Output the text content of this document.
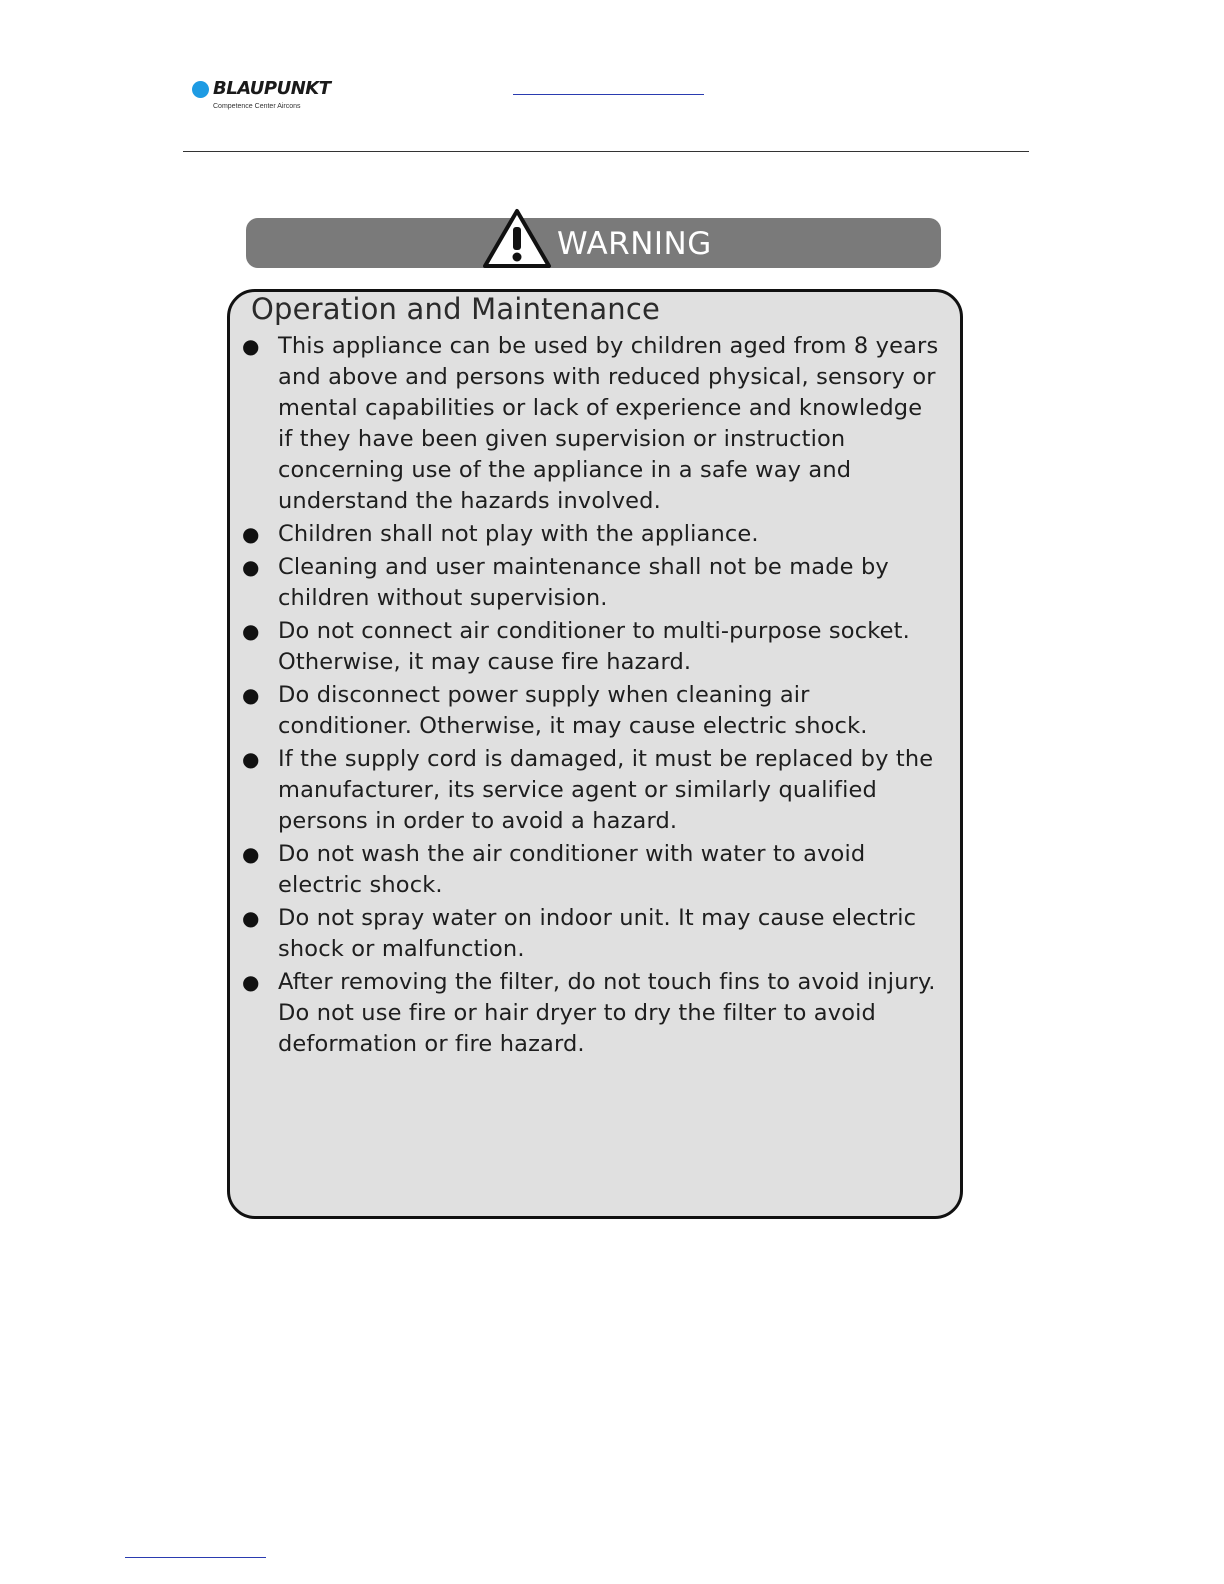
BLAUPUNKT
Competence Center Aircons
WARNING
Operation and Maintenance
● This appliance can be used by children aged from 8 years and above and persons with reduced physical, sensory or mental capabilities or lack of experience and knowledge if they have been given supervision or instruction concerning use of the appliance in a safe way and understand the hazards involved.
● Children shall not play with the appliance.
● Cleaning and user maintenance shall not be made by children without supervision.
● Do not connect air conditioner to multi-purpose socket. Otherwise, it may cause fire hazard.
● Do disconnect power supply when cleaning air conditioner. Otherwise, it may cause electric shock.
● If the supply cord is damaged, it must be replaced by the manufacturer, its service agent or similarly qualified persons in order to avoid a hazard.
● Do not wash the air conditioner with water to avoid electric shock.
● Do not spray water on indoor unit. It may cause electric shock or malfunction.
● After removing the filter, do not touch fins to avoid injury. Do not use fire or hair dryer to dry the filter to avoid deformation or fire hazard.
